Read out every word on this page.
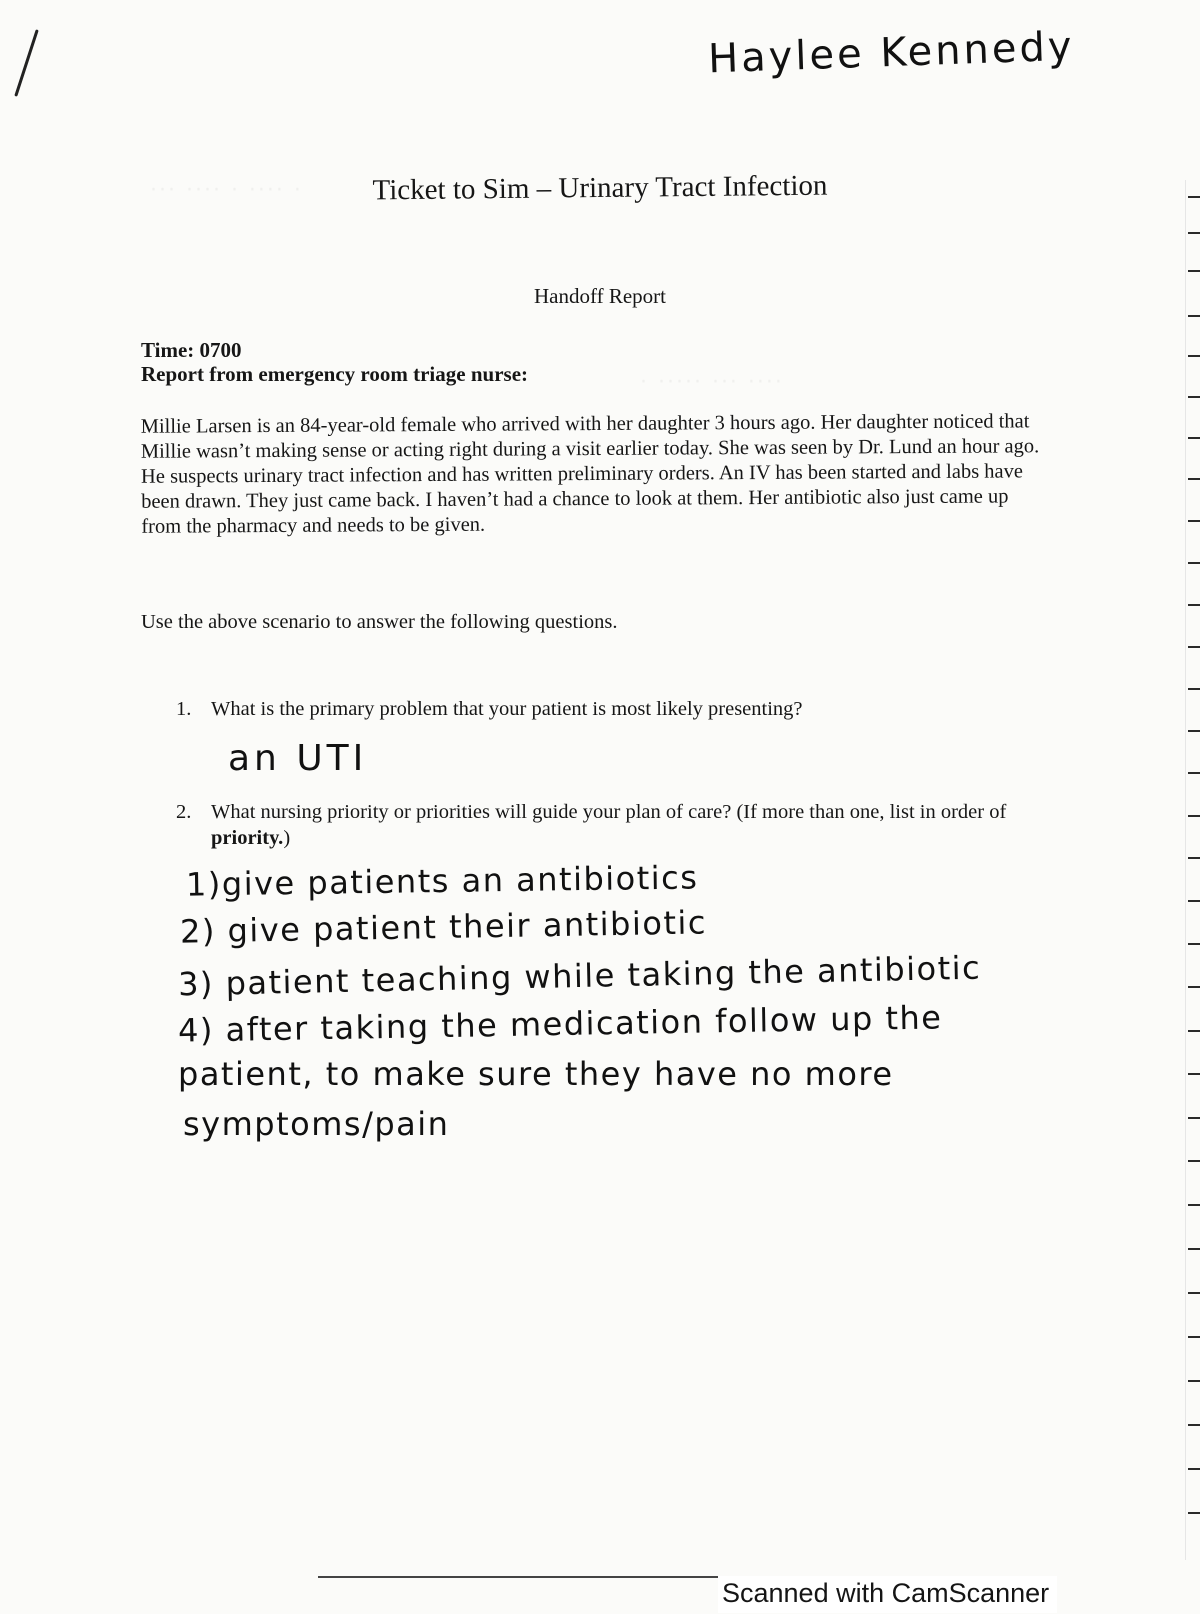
Haylee Kennedy
Ticket to Sim – Urinary Tract Infection
Handoff Report
Time: 0700
Report from emergency room triage nurse:
Millie Larsen is an 84-year-old female who arrived with her daughter 3 hours ago. Her daughter noticed that Millie wasn’t making sense or acting right during a visit earlier today. She was seen by Dr. Lund an hour ago. He suspects urinary tract infection and has written preliminary orders. An IV has been started and labs have been drawn. They just came back. I haven’t had a chance to look at them. Her antibiotic also just came up from the pharmacy and needs to be given.
Use the above scenario to answer the following questions.
1. What is the primary problem that your patient is most likely presenting?
an UTI
2. What nursing priority or priorities will guide your plan of care? (If more than one, list in order of priority.)
1)give patients an antibiotics
2) give patient their antibiotic
3) patient teaching while taking the antibiotic
4) after taking the medication follow up the
patient, to make sure they have no more
symptoms/pain
Scanned with CamScanner
